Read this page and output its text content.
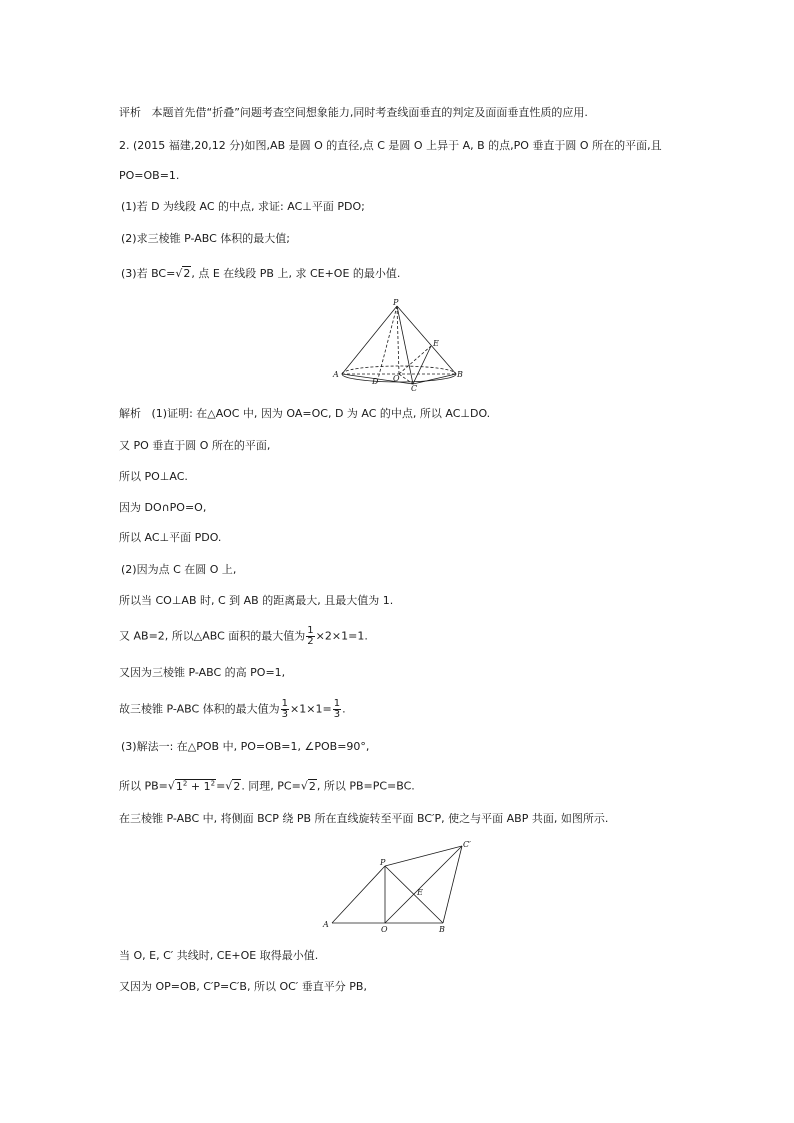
评析 本题首先借“折叠”问题考查空间想象能力,同时考查线面垂直的判定及面面垂直性质的应用.
2. (2015 福建,20,12 分)如图,AB 是圆 O 的直径,点 C 是圆 O 上异于 A, B 的点,PO 垂直于圆 O 所在的平面,且
PO=OB=1.
(1)若 D 为线段 AC 的中点, 求证: AC⊥平面 PDO;
(2)求三棱锥 P-ABC 体积的最大值;
(3)若 BC=√2, 点 E 在线段 PB 上, 求 CE+OE 的最小值.
P
A	B
C
D O
E
解析 (1)证明: 在△AOC 中, 因为 OA=OC, D 为 AC 的中点, 所以 AC⊥DO.
又 PO 垂直于圆 O 所在的平面,
所以 PO⊥AC.
因为 DO∩PO=O,
所以 AC⊥平面 PDO.
(2)因为点 C 在圆 O 上,
所以当 CO⊥AB 时, C 到 AB 的距离最大, 且最大值为 1.
又 AB=2, 所以△ABC 面积的最大值为 $\frac{1}{2} \times 2\times 1=1$.
又因为三棱锥 P-ABC 的高 PO=1,
故三棱锥 P-ABC 体积的最大值为 $\frac{1}{3} \times 1\times 1= \frac{1}{3}$ .
(3)解法一: 在△POB 中, PO=OB=1, ∠POB=90°,
所以 $PB=√1^2 + 1^2=√2$. 同理, PC=√2, 所以 PB=PC=BC.
在三棱锥 P-ABC 中, 将侧面 BCP 绕 PB 所在直线旋转至平面 BC′P, 使之与平面 ABP 共面, 如图所示.
P
C′
E
A
O	B
当 O, E, C′ 共线时, CE+OE 取得最小值.
又因为 OP=OB, C′P=C′B, 所以 OC′ 垂直平分 PB,
